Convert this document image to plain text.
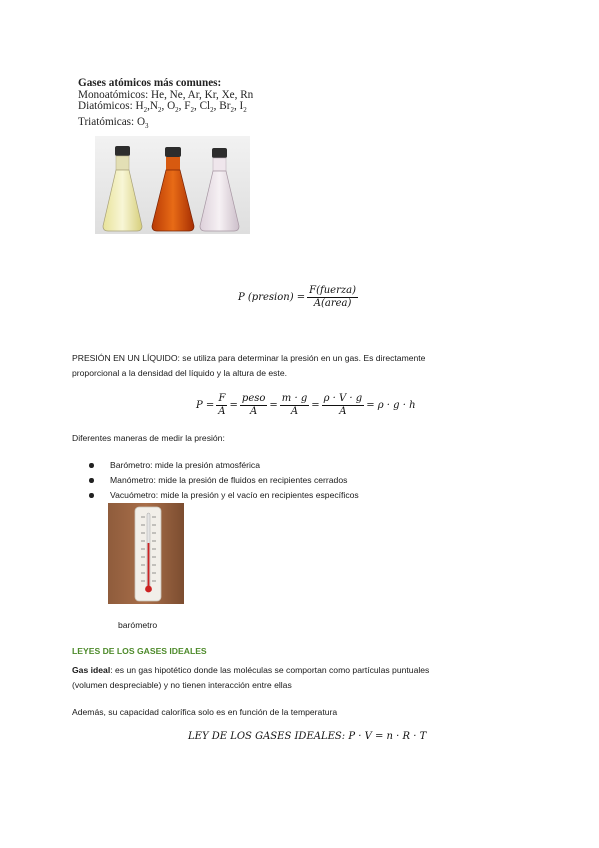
Gases atómicos más comunes:
Monoatómicos: He, Ne, Ar, Kr, Xe, Rn
Diatómicos: $H_2,N_2$, $O_2$, $F_2$, $Cl_2$, $Br_2$, $I_2$
Triatómicas: $O_3$
P (presion) = $\frac{\text{F(fuerza)}}{\text{A(area)}}$
PRESIÓN EN UN LÍQUIDO: se utiliza para determinar la presión en un gas. Es directamente
proporcional a la densidad del líquido y la altura de este.
$P = \frac{F}{A} = \frac{\text{peso}}{A} = \frac{m \cdot g}{A} = \frac{\rho \cdot V \cdot g}{A} = \rho \cdot g \cdot h$
Diferentes maneras de medir la presión:
Barómetro: mide la presión atmosférica
Manómetro: mide la presión de fluidos en recipientes cerrados
Vacuómetro: mide la presión y el vacío en recipientes específicos
barómetro
LEYES DE LOS GASES IDEALES
Gas ideal: es un gas hipotético donde las moléculas se comportan como partículas puntuales
(volumen despreciable) y no tienen interacción entre ellas
Además, su capacidad calorífica solo es en función de la temperatura
LEY DE LOS GASES IDEALES: P · V = n · R · T
